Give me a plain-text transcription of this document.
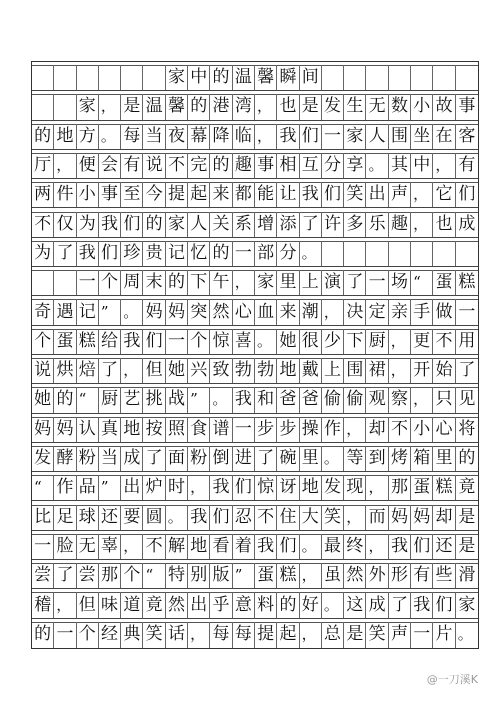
家 中 的 温 馨 瞬 间
家 ， 是 温 馨 的 港 湾 ， 也 是 发 生 无 数 小 故 事
的 地 方 。 每 当 夜 幕 降 临 ， 我 们 一 家 人 围 坐 在 客
厅 ， 便 会 有 说 不 完 的 趣 事 相 互 分 享 。 其 中 ， 有
两 件 小 事 至 今 提 起 来 都 能 让 我 们 笑 出 声 ， 它 们
不 仅 为 我 们 的 家 人 关 系 增 添 了 许 多 乐 趣 ， 也 成
为 了 我 们 珍 贵 记 忆 的 一 部 分 。
一 个 周 末 的 下 午 ， 家 里 上 演 了 一 场 “ 蛋 糕
奇 遇 记 ” 。 妈 妈 突 然 心 血 来 潮 ， 决 定 亲 手 做 一
个 蛋 糕 给 我 们 一 个 惊 喜 。 她 很 少 下 厨 ， 更 不 用
说 烘 焙 了 ， 但 她 兴 致 勃 勃 地 戴 上 围 裙 ， 开 始 了
她 的 “ 厨 艺 挑 战 ” 。 我 和 爸 爸 偷 偷 观 察 ， 只 见
妈 妈 认 真 地 按 照 食 谱 一 步 步 操 作 ， 却 不 小 心 将
发 酵 粉 当 成 了 面 粉 倒 进 了 碗 里 。 等 到 烤 箱 里 的
“ 作 品 ” 出 炉 时 ， 我 们 惊 讶 地 发 现 ， 那 蛋 糕 竟
比 足 球 还 要 圆 。 我 们 忍 不 住 大 笑 ， 而 妈 妈 却 是
一 脸 无 辜 ， 不 解 地 看 着 我 们 。 最 终 ， 我 们 还 是
尝 了 尝 那 个 “ 特 别 版 ” 蛋 糕 ， 虽 然 外 形 有 些 滑
稽 ， 但 味 道 竟 然 出 乎 意 料 的 好 。 这 成 了 我 们 家
的 一 个 经 典 笑 话 ， 每 每 提 起 ， 总 是 笑 声 一 片 。
@一刀溪K
